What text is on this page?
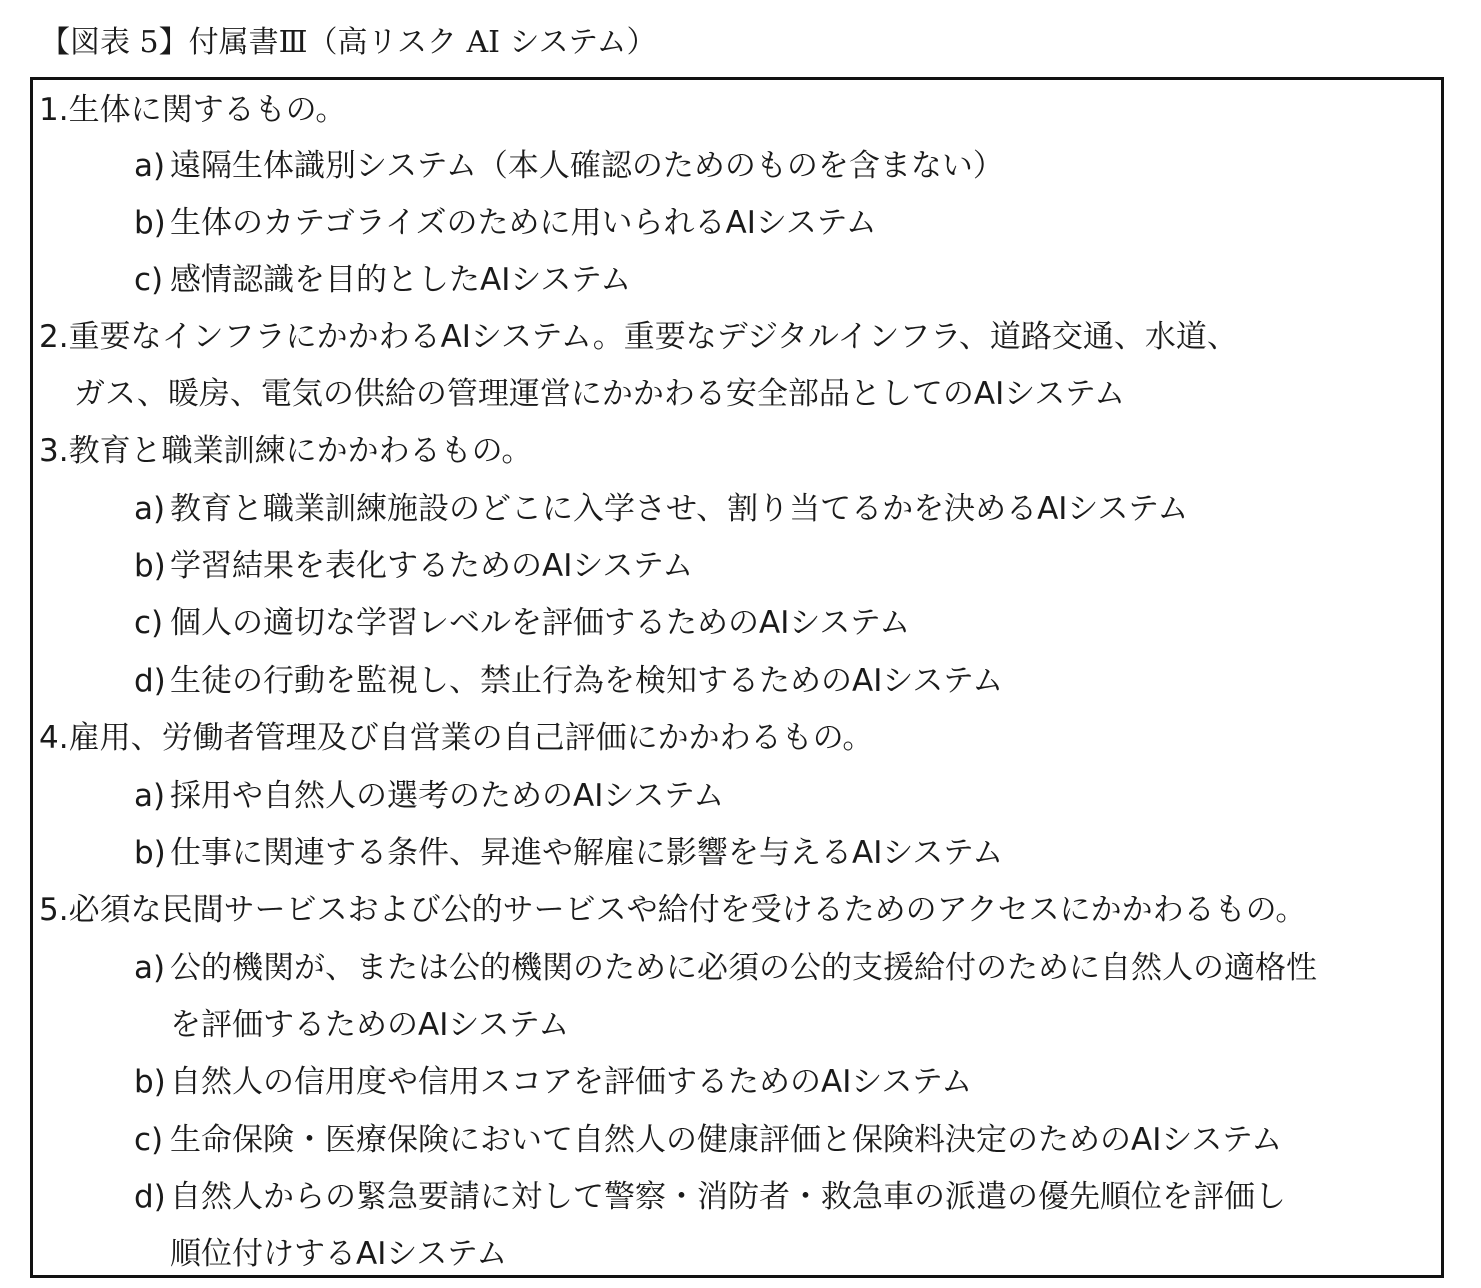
【図表 5】付属書Ⅲ（高リスク AI システム）
1.生体に関するもの。
a) 遠隔生体識別システム（本人確認のためのものを含まない）
b) 生体のカテゴライズのために用いられるAIシステム
c) 感情認識を目的としたAIシステム
2.重要なインフラにかかわるAIシステム。重要なデジタルインフラ、道路交通、水道、
ガス、暖房、電気の供給の管理運営にかかわる安全部品としてのAIシステム
3.教育と職業訓練にかかわるもの。
a) 教育と職業訓練施設のどこに入学させ、割り当てるかを決めるAIシステム
b) 学習結果を表化するためのAIシステム
c) 個人の適切な学習レベルを評価するためのAIシステム
d) 生徒の行動を監視し、禁止行為を検知するためのAIシステム
4.雇用、労働者管理及び自営業の自己評価にかかわるもの。
a) 採用や自然人の選考のためのAIシステム
b) 仕事に関連する条件、昇進や解雇に影響を与えるAIシステム
5.必須な民間サービスおよび公的サービスや給付を受けるためのアクセスにかかわるもの。
a) 公的機関が、または公的機関のために必須の公的支援給付のために自然人の適格性
を評価するためのAIシステム
b) 自然人の信用度や信用スコアを評価するためのAIシステム
c) 生命保険・医療保険において自然人の健康評価と保険料決定のためのAIシステム
d) 自然人からの緊急要請に対して警察・消防者・救急車の派遣の優先順位を評価し
順位付けするAIシステム
